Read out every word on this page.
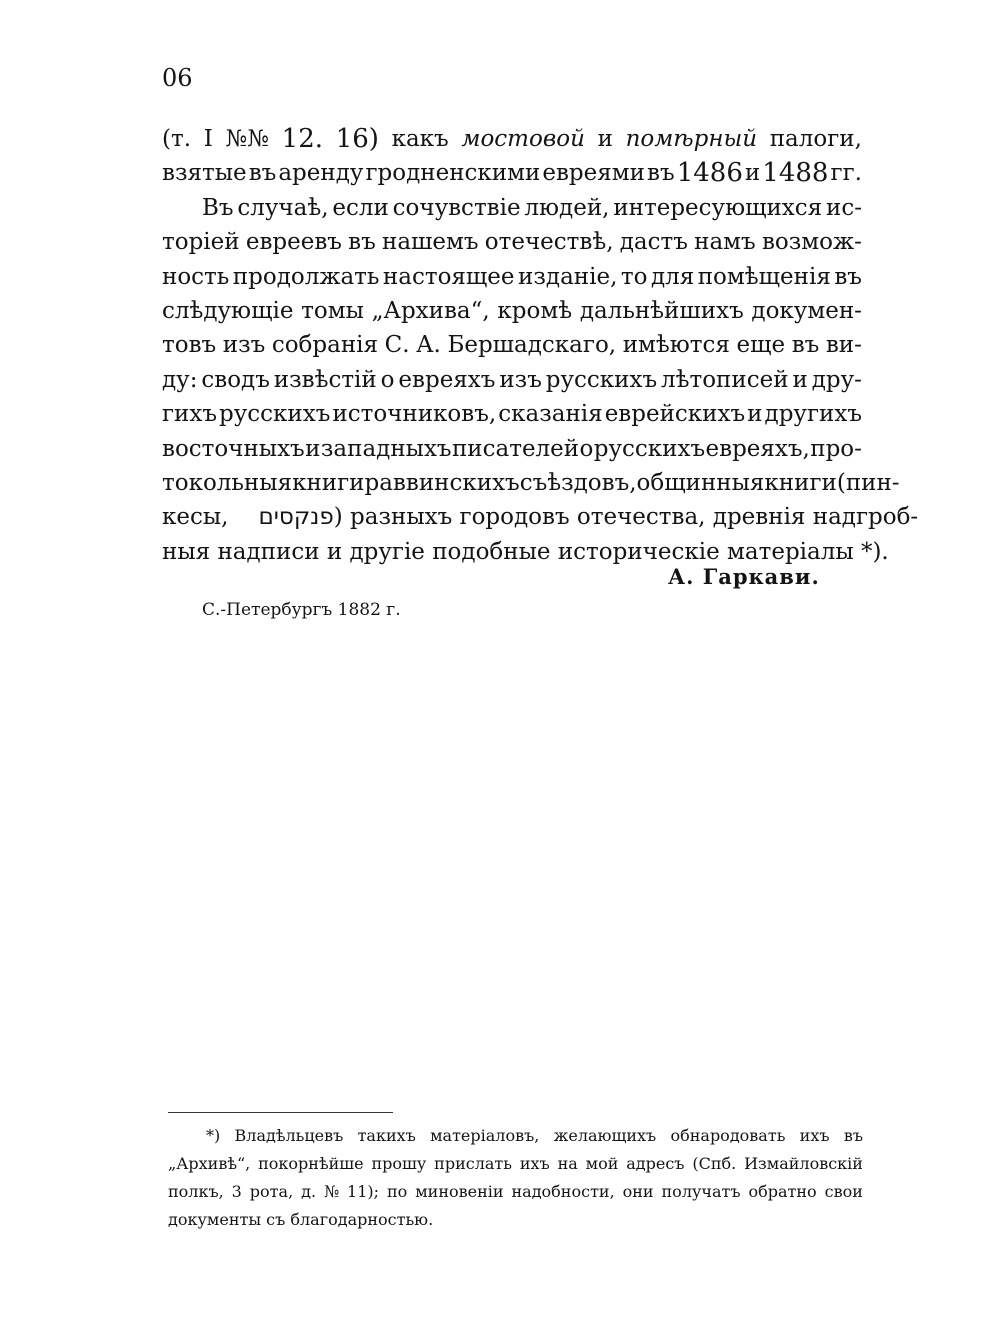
06
(т. I №№ 12. 16) какъ мостовой и помѣрный палоги,
взятые въ аренду гродненскими евреями въ 1486 и 1488 гг.
Въ случаѣ, если сочувствіе людей, интересующихся ис-
торіей евреевъ въ нашемъ отечествѣ, дастъ намъ возмож-
ность продолжать настоящее изданіе, то для помѣщенія въ
слѣдующіе томы „Архива“, кромѣ дальнѣйшихъ докумен-
товъ изъ собранія С. А. Бершадскаго, имѣются еще въ ви-
ду: сводъ извѣстій о евреяхъ изъ русскихъ лѣтописей и дру-
гихъ русскихъ источниковъ, сказанія еврейскихъ и другихъ
восточныхъ и западныхъ писателей о русскихъ евреяхъ, про-
токольныя книги раввинскихъ съѣздовъ, общинныя книги (пин-
кесы,	פנקסים ) разныхъ городовъ отечества, древнія надгроб-
ныя надписи и другіе подобные историческіе матеріалы *).
А. Гаркави.
С.-Петербургъ 1882 г.
*) Владѣльцевъ такихъ матеріаловъ, желающихъ обнародовать ихъ въ
„Архивѣ“, покорнѣйше прошу прислать ихъ на мой адресъ (Спб. Измайловскій
полкъ, 3 рота, д. № 11); по миновеніи надобности, они получатъ обратно свои
документы съ благодарностью.
